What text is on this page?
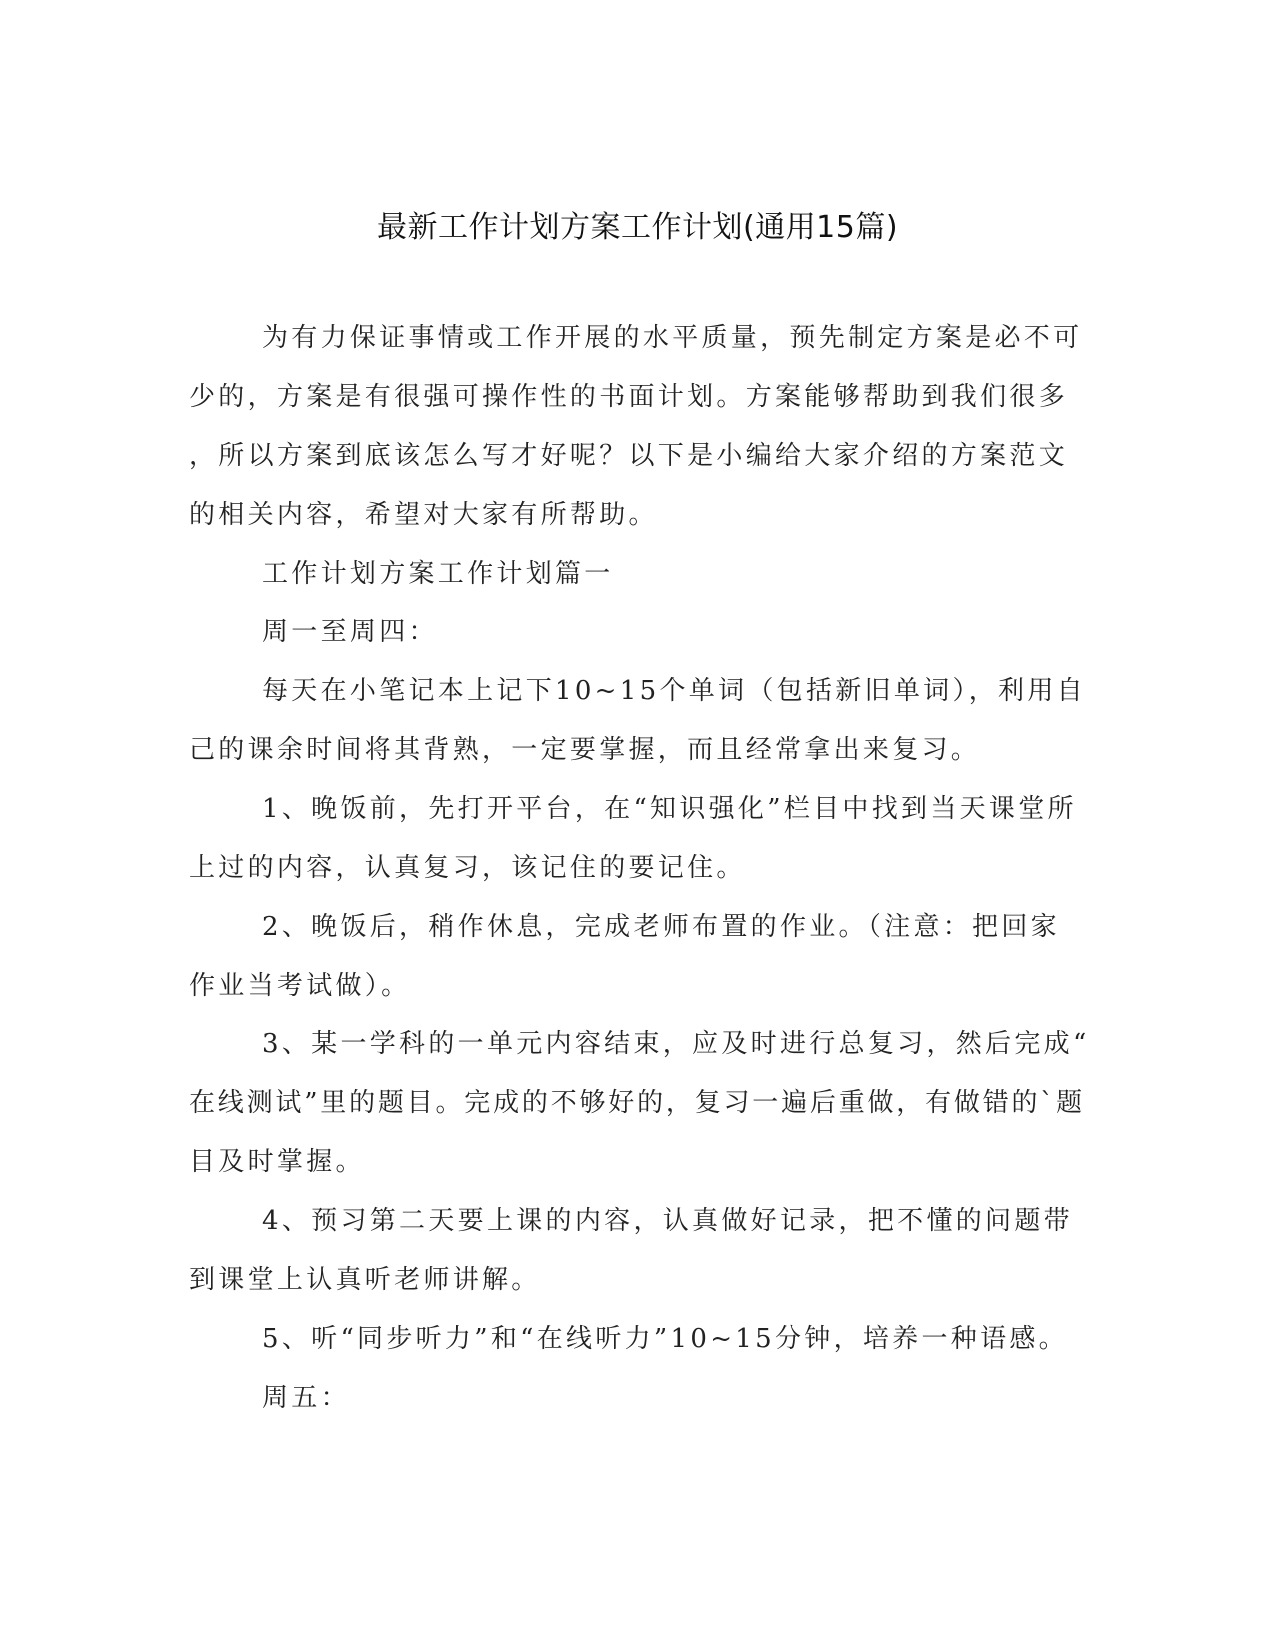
最新工作计划方案工作计划(通用15篇)
为有力保证事情或工作开展的水平质量，预先制定方案是必不可
少的，方案是有很强可操作性的书面计划。方案能够帮助到我们很多
，所以方案到底该怎么写才好呢？以下是小编给大家介绍的方案范文
的相关内容，希望对大家有所帮助。
工作计划方案工作计划篇一
周一至周四：
每天在小笔记本上记下10~15个单词（包括新旧单词），利用自
己的课余时间将其背熟，一定要掌握，而且经常拿出来复习。
1、晚饭前，先打开平台，在“知识强化”栏目中找到当天课堂所
上过的内容，认真复习，该记住的要记住。
2、晚饭后，稍作休息，完成老师布置的作业。（注意：把回家
作业当考试做）。
3、某一学科的一单元内容结束，应及时进行总复习，然后完成“
在线测试”里的题目。完成的不够好的，复习一遍后重做，有做错的`题
目及时掌握。
4、预习第二天要上课的内容，认真做好记录，把不懂的问题带
到课堂上认真听老师讲解。
5、听“同步听力”和“在线听力”10~15分钟，培养一种语感。
周五：
